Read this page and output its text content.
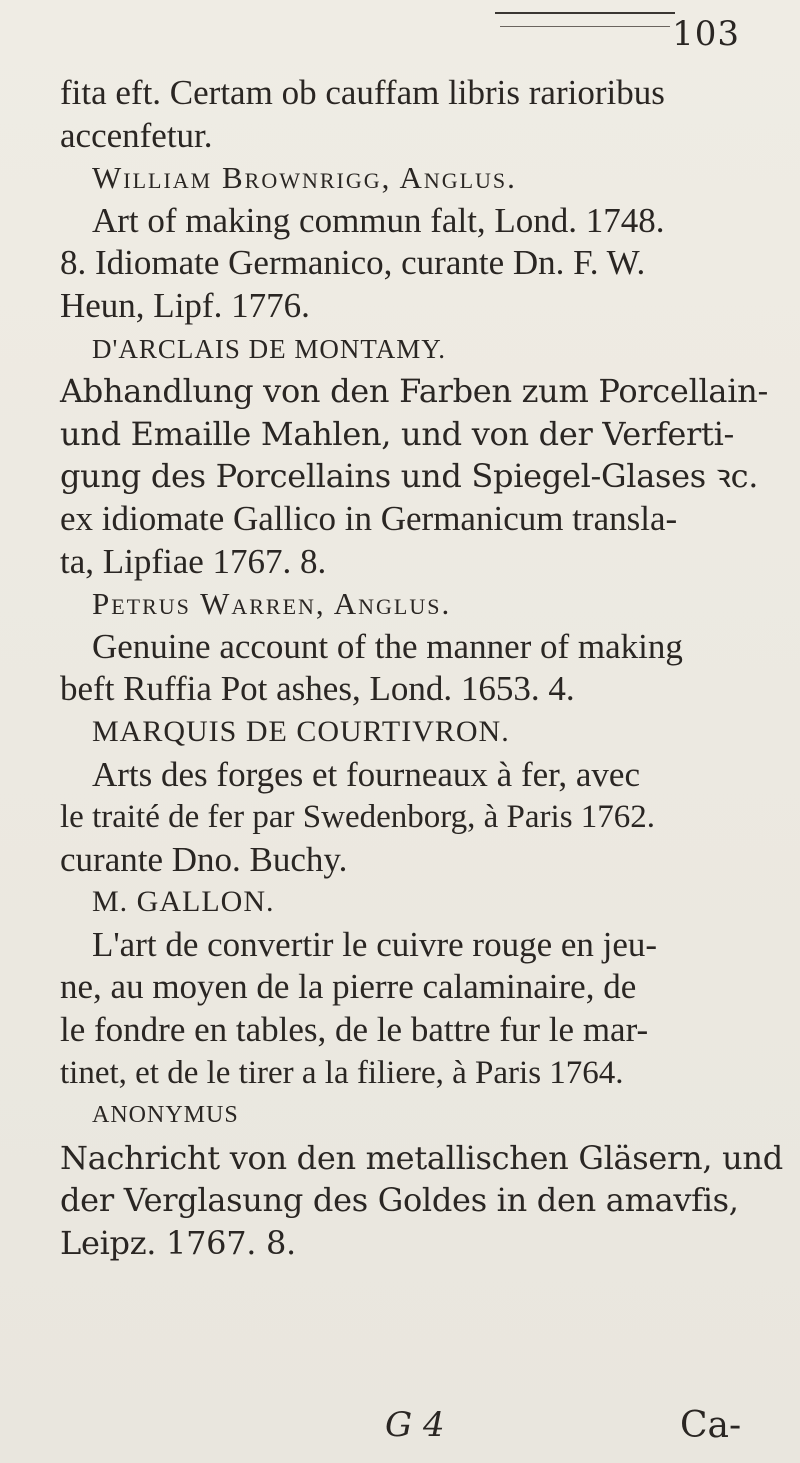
103
fita eft. Certam ob cauffam libris rarioribus
accenfetur.
William Brownrigg, Anglus.
Art of making commun falt, Lond. 1748.
8. Idiomate Germanico, curante Dn. F. W.
Heun, Lipf. 1776.
D'ARCLAIS DE MONTAMY.
Abhandlung von den Farben zum Porcellain-
und Emaille Mahlen, und von der Verferti-
gung des Porcellains und Spiegel-Glases ꝛc.
ex idiomate Gallico in Germanicum transla-
ta, Lipfiae 1767. 8.
Petrus Warren, Anglus.
Genuine account of the manner of making
beft Ruffia Pot ashes, Lond. 1653. 4.
MARQUIS DE COURTIVRON.
Arts des forges et fourneaux à fer, avec
le traité de fer par Swedenborg, à Paris 1762.
curante Dno. Buchy.
M. GALLON.
L'art de convertir le cuivre rouge en jeu-
ne, au moyen de la pierre calaminaire, de
le fondre en tables, de le battre fur le mar-
tinet, et de le tirer a la filiere, à Paris 1764.
ANONYMUS
Nachricht von den metallischen Gläsern, und
der Verglasung des Goldes in den amavfis,
Leipz. 1767. 8.
G 4	Ca-
